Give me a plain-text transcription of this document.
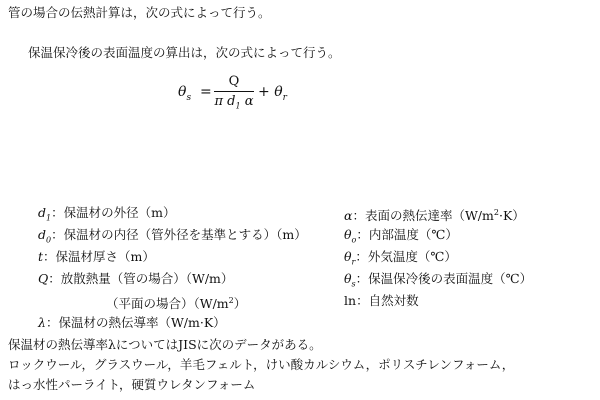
管の場合の伝熱計算は，次の式によって行う。
保温保冷後の表面温度の算出は，次の式によって行う。
$\theta_s$ =
Q
π $d_1$ α
+ $\theta_r$
$d_1$：保温材の外径（m）
$d_0$：保温材の内径（管外径を基準とする）（m）
t：保温材厚さ（m）
Q：放散熱量（管の場合）（W/m）
（平面の場合）$(W/m^2)$
λ：保温材の熱伝導率（W/m·K）
α：表面の熱伝達率$(W/m^2\cdot K)$
$\theta_o$：内部温度（℃）
$\theta_r$：外気温度（℃）
$\theta_s$：保温保冷後の表面温度（℃）
ln：自然対数
保温材の熱伝導率λについてはJISに次のデータがある。
ロックウール，グラスウール，羊毛フェルト，けい酸カルシウム，ポリスチレンフォーム，
はっ水性パーライト，硬質ウレタンフォーム
